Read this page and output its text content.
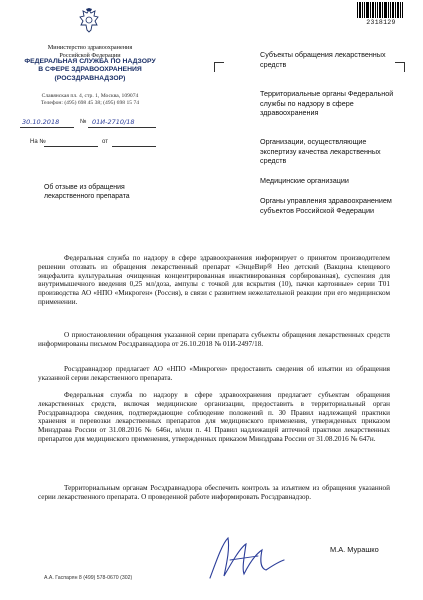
2318129
Министерство здравоохранения
Российской Федерации
ФЕДЕРАЛЬНАЯ СЛУЖБА ПО НАДЗОРУ
В СФЕРЕ ЗДРАВООХРАНЕНИЯ
(РОСЗДРАВНАДЗОР)
Славянская пл. 4, стр. 1, Москва, 109074
Телефон: (495) 698 45 38; (495) 698 15 74
30.10.2018	№ 01И-2710/18
На №	от
Субъекты обращения лекарственных средств
Территориальные органы Федеральной службы по надзору в сфере здравоохранения
Организации, осуществляющие экспертизу качества лекарственных средств
Медицинские организации
Органы управления здравоохранением субъектов Российской Федерации
Об отзыве из обращения
лекарственного препарата
Федеральная служба по надзору в сфере здравоохранения информирует о принятом производителем решении отозвать из обращения лекарственный препарат «ЭнцеВир® Нео детский (Вакцина клещевого энцефалита культуральная очищенная концентрированная инактивированная сорбированная), суспензия для внутримышечного введения 0,25 мл/доза, ампулы с точкой для вскрытия (10), пачки картонные» серии Т01 производства АО «НПО «Микроген» (Россия), в связи с развитием нежелательной реакции при его медицинском применении.
О приостановлении обращения указанной серии препарата субъекты обращения лекарственных средств информированы письмом Росздравнадзора от 26.10.2018 № 01И-2497/18.
Росздравнадзор предлагает АО «НПО «Микроген» предоставить сведения об изъятии из обращения указанной серии лекарственного препарата.
Федеральная служба по надзору в сфере здравоохранения предлагает субъектам обращения лекарственных средств, включая медицинские организации, предоставить в территориальный орган Росздравнадзора сведения, подтверждающие соблюдение положений п. 30 Правил надлежащей практики хранения и перевозки лекарственных препаратов для медицинского применения, утвержденных приказом Минздрава России от 31.08.2016 № 646н, и/или п. 41 Правил надлежащей аптечной практики лекарственных препаратов для медицинского применения, утвержденных приказом Минздрава России от 31.08.2016 № 647н.
Территориальным органам Росздравнадзора обеспечить контроль за изъятием из обращения указанной серии лекарственного препарата. О проведенной работе информировать Росздравнадзор.
М.А. Мурашко
А.А. Гаспарян 8 (499) 578-0670 (302)
